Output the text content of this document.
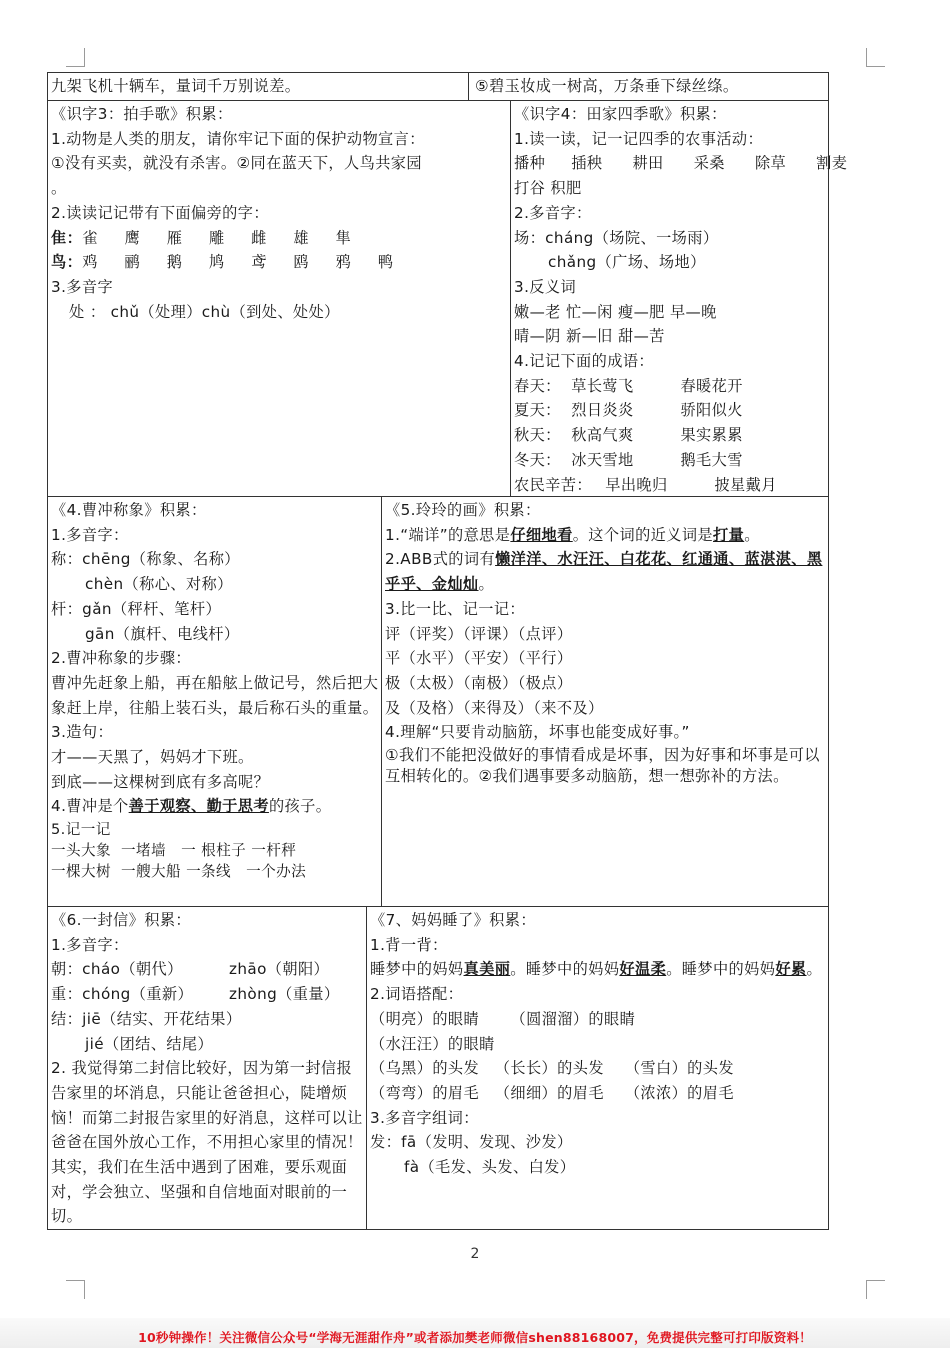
九架飞机十辆车，量词千万别说差。	⑤碧玉妆成一树高，万条垂下绿丝绦。
《识字3：拍手歌》积累：
1.动物是人类的朋友，请你牢记下面的保护动物宣言：
①没有买卖，就没有杀害。②同在蓝天下，人鸟共家园
。
2.读读记记带有下面偏旁的字：
隹： 雀 鹰 雁 雕 雌 雄 隼
鸟： 鸡 鹂 鹅 鸠 鸢 鸥 鸦 鸭
3.多音字
处 ： chǔ（处理）chù（到处、处处）
《识字4：田家四季歌》积累：
1.读一读，记一记四季的农事活动：
播种 插秧 耕田 采桑 除草 割麦
打谷 积肥
2.多音字：
场：cháng（场院、一场雨）
chǎng（广场、场地）
3.反义词
嫩—老 忙—闲 瘦—肥 早—晚
晴—阴 新—旧 甜—苦
4.记记下面的成语：
春天： 草长莺飞	春暖花开
夏天： 烈日炎炎	骄阳似火
秋天： 秋高气爽	果实累累
冬天： 冰天雪地	鹅毛大雪
农民辛苦： 早出晚归	披星戴月
《4.曹冲称象》积累：
1.多音字：
称：chēng（称象、名称）
chèn（称心、对称）
杆：gǎn（秤杆、笔杆）
gān（旗杆、电线杆）
2.曹冲称象的步骤：
曹冲先赶象上船，再在船舷上做记号，然后把大象赶上岸，往船上装石头，最后称石头的重量。
3.造句：
才——天黑了，妈妈才下班。
到底——这棵树到底有多高呢？
4.曹冲是个善于观察、勤于思考的孩子。
5.记一记
一头大象  一堵墙   一 根柱子 一杆秤
一棵大树  一艘大船 一条线   一个办法
《5.玲玲的画》积累：
1.“端详”的意思是仔细地看。这个词的近义词是打量。
2.ABB式的词有懒洋洋、水汪汪、白花花、红通通、蓝湛湛、黑乎乎、金灿灿。
3.比一比、记一记：
评（评奖）（评课）（点评）
平（水平）（平安）（平行）
极（太极）（南极）（极点）
及（及格）（来得及）（来不及）
4.理解“只要肯动脑筋，坏事也能变成好事。”
①我们不能把没做好的事情看成是坏事，因为好事和坏事是可以互相转化的。②我们遇事要多动脑筋，想一想弥补的方法。
《6.一封信》积累：
1.多音字：
朝：cháo（朝代）	zhāo（朝阳）
重：chóng（重新） zhòng（重量）
结：jiē（结实、开花结果）
jié（团结、结尾）
2. 我觉得第二封信比较好，因为第一封信报告家里的坏消息，只能让爸爸担心，陡增烦恼！而第二封报告家里的好消息，这样可以让爸爸在国外放心工作，不用担心家里的情况！其实，我们在生活中遇到了困难，要乐观面对，学会独立、坚强和自信地面对眼前的一切。
《7、妈妈睡了》积累：
1.背一背：
睡梦中的妈妈真美丽。睡梦中的妈妈好温柔。睡梦中的妈妈好累。
2.词语搭配：
（明亮）的眼睛      （圆溜溜）的眼睛
（水汪汪）的眼睛
（乌黑）的头发   （长长）的头发    （雪白）的头发
（弯弯）的眉毛   （细细）的眉毛    （浓浓）的眉毛
3.多音字组词：
发：fā（发明、发现、沙发）
fà（毛发、头发、白发）
2
10秒钟操作！关注微信公众号“学海无涯甜作舟”或者添加樊老师微信shen88168007，免费提供完整可打印版资料！
